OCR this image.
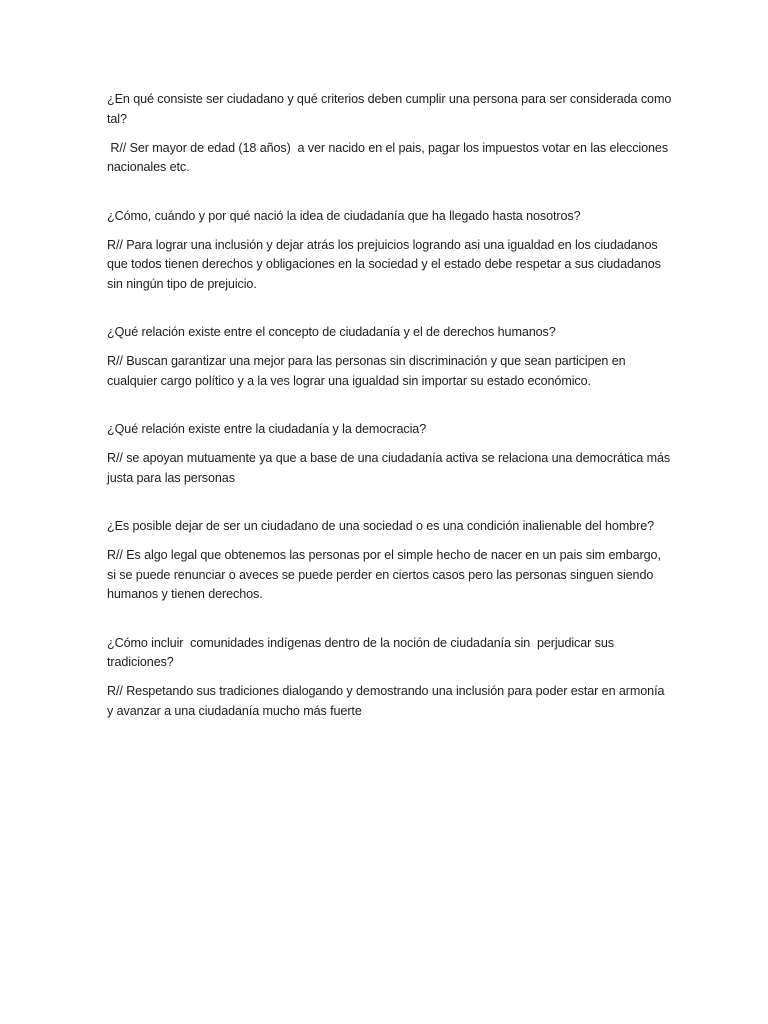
¿En qué consiste ser ciudadano y qué criterios deben cumplir una persona para ser considerada como tal?

R// Ser mayor de edad (18 años)  a ver nacido en el pais, pagar los impuestos votar en las elecciones nacionales etc.

¿Cómo, cuándo y por qué nació la idea de ciudadanía que ha llegado hasta nosotros?

R// Para lograr una inclusión y dejar atrás los prejuicios logrando asi una igualdad en los ciudadanos que todos tienen derechos y obligaciones en la sociedad y el estado debe respetar a sus ciudadanos sin ningún tipo de prejuicio.

¿Qué relación existe entre el concepto de ciudadanía y el de derechos humanos?

R// Buscan garantizar una mejor para las personas sin discriminación y que sean participen en cualquier cargo político y a la ves lograr una igualdad sin importar su estado económico.

¿Qué relación existe entre la ciudadanía y la democracia?

R// se apoyan mutuamente ya que a base de una ciudadanía activa se relaciona una democrática más justa para las personas

¿Es posible dejar de ser un ciudadano de una sociedad o es una condición inalienable del hombre?

R// Es algo legal que obtenemos las personas por el simple hecho de nacer en un pais sim embargo, si se puede renunciar o aveces se puede perder en ciertos casos pero las personas singuen siendo humanos y tienen derechos.

¿Cómo incluir  comunidades indígenas dentro de la noción de ciudadanía sin  perjudicar sus tradiciones?

R// Respetando sus tradiciones dialogando y demostrando una inclusión para poder estar en armonía y avanzar a una ciudadanía mucho más fuerte
